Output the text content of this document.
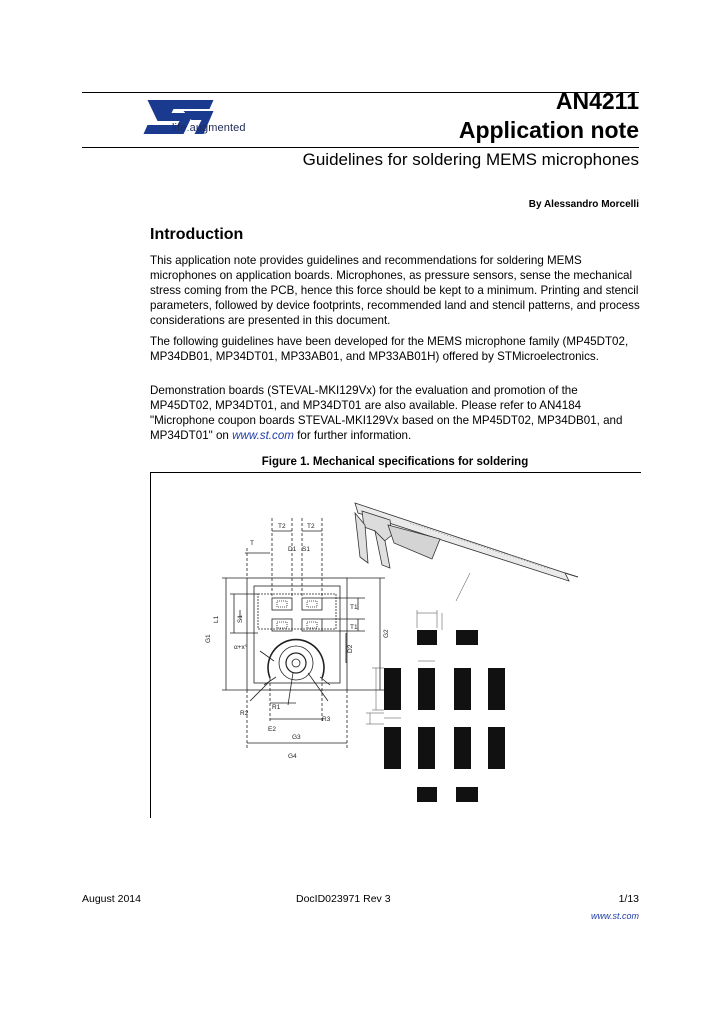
life.augmented
AN4211
Application note
Guidelines for soldering MEMS microphones
By Alessandro Morcelli
Introduction
This application note provides guidelines and recommendations for soldering MEMS microphones on application boards. Microphones, as pressure sensors, sense the mechanical stress coming from the PCB, hence this force should be kept to a minimum. Printing and stencil parameters, followed by device footprints, recommended land and stencil patterns, and process considerations are presented in this document.
The following guidelines have been developed for the MEMS microphone family (MP45DT02, MP34DB01, MP34DT01, MP33AB01, and MP33AB01H) offered by STMicroelectronics.
Demonstration boards (STEVAL-MKI129Vx) for the evaluation and promotion of the MP45DT02, MP34DT01, and MP34DT01 are also available. Please refer to AN4184 "Microphone coupon boards STEVAL-MKI129Vx based on the MP45DT02, MP34DB01, and MP34DT01" on www.st.com for further information.
Figure 1. Mechanical specifications for soldering
T2	T2
T
D1 S1
L1
G1
S1
α+x°
T1
T1
D2
G2
R1
R2
R3
E2
G3
G4
August 2014	DocID023971 Rev 3	1/13
www.st.com
